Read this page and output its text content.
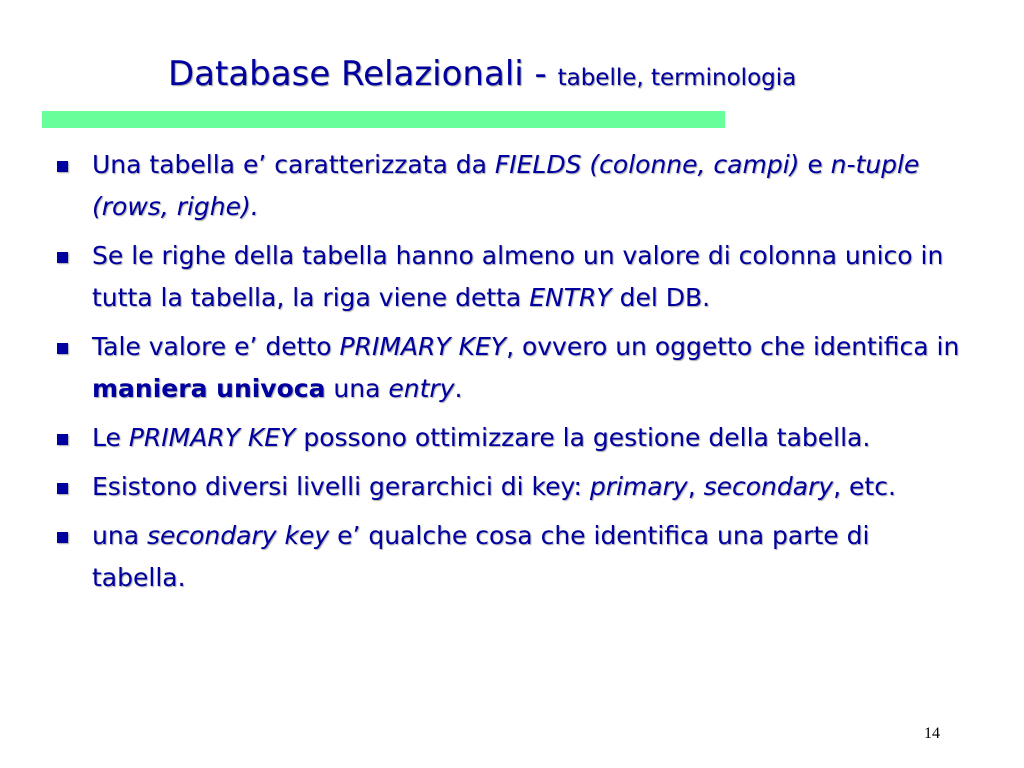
Database Relazionali - tabelle, terminologia
Una tabella e’ caratterizzata da FIELDS (colonne, campi) e n-tuple (rows, righe).
Se le righe della tabella hanno almeno un valore di colonna unico in tutta la tabella, la riga viene detta ENTRY del DB.
Tale valore e’ detto PRIMARY KEY, ovvero un oggetto che identifica in maniera univoca una entry.
Le PRIMARY KEY possono ottimizzare la gestione della tabella.
Esistono diversi livelli gerarchici di key: primary, secondary, etc.
una secondary key e’ qualche cosa che identifica una parte di tabella.
14
